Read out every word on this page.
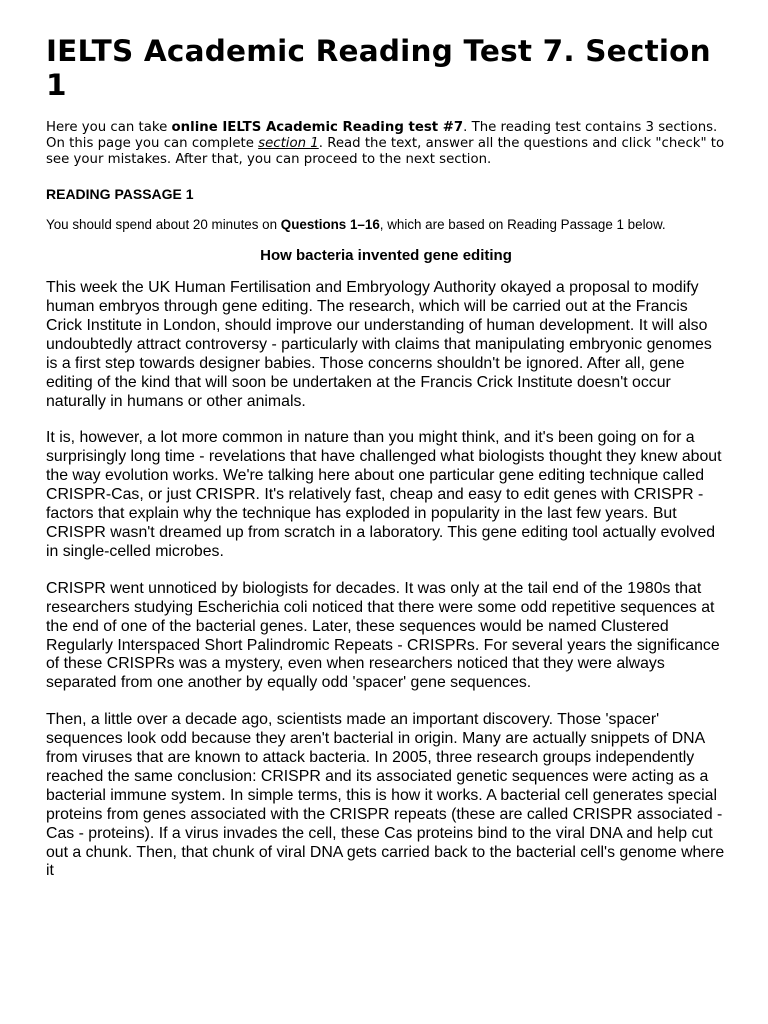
IELTS Academic Reading Test 7. Section 1

Here you can take online IELTS Academic Reading test #7. The reading test contains 3 sections. On this page you can complete section 1. Read the text, answer all the questions and click "check" to see your mistakes. After that, you can proceed to the next section.

READING PASSAGE 1

You should spend about 20 minutes on Questions 1–16, which are based on Reading Passage 1 below.

How bacteria invented gene editing

This week the UK Human Fertilisation and Embryology Authority okayed a proposal to modify human embryos through gene editing. The research, which will be carried out at the Francis Crick Institute in London, should improve our understanding of human development. It will also undoubtedly attract controversy - particularly with claims that manipulating embryonic genomes is a first step towards designer babies. Those concerns shouldn't be ignored. After all, gene editing of the kind that will soon be undertaken at the Francis Crick Institute doesn't occur naturally in humans or other animals.

It is, however, a lot more common in nature than you might think, and it's been going on for a surprisingly long time - revelations that have challenged what biologists thought they knew about the way evolution works. We're talking here about one particular gene editing technique called CRISPR-Cas, or just CRISPR. It's relatively fast, cheap and easy to edit genes with CRISPR - factors that explain why the technique has exploded in popularity in the last few years. But CRISPR wasn't dreamed up from scratch in a laboratory. This gene editing tool actually evolved in single-celled microbes.

CRISPR went unnoticed by biologists for decades. It was only at the tail end of the 1980s that researchers studying Escherichia coli noticed that there were some odd repetitive sequences at the end of one of the bacterial genes. Later, these sequences would be named Clustered Regularly Interspaced Short Palindromic Repeats - CRISPRs. For several years the significance of these CRISPRs was a mystery, even when researchers noticed that they were always separated from one another by equally odd 'spacer' gene sequences.

Then, a little over a decade ago, scientists made an important discovery. Those 'spacer' sequences look odd because they aren't bacterial in origin. Many are actually snippets of DNA from viruses that are known to attack bacteria. In 2005, three research groups independently reached the same conclusion: CRISPR and its associated genetic sequences were acting as a bacterial immune system. In simple terms, this is how it works. A bacterial cell generates special proteins from genes associated with the CRISPR repeats (these are called CRISPR associated - Cas - proteins). If a virus invades the cell, these Cas proteins bind to the viral DNA and help cut out a chunk. Then, that chunk of viral DNA gets carried back to the bacterial cell's genome where it
